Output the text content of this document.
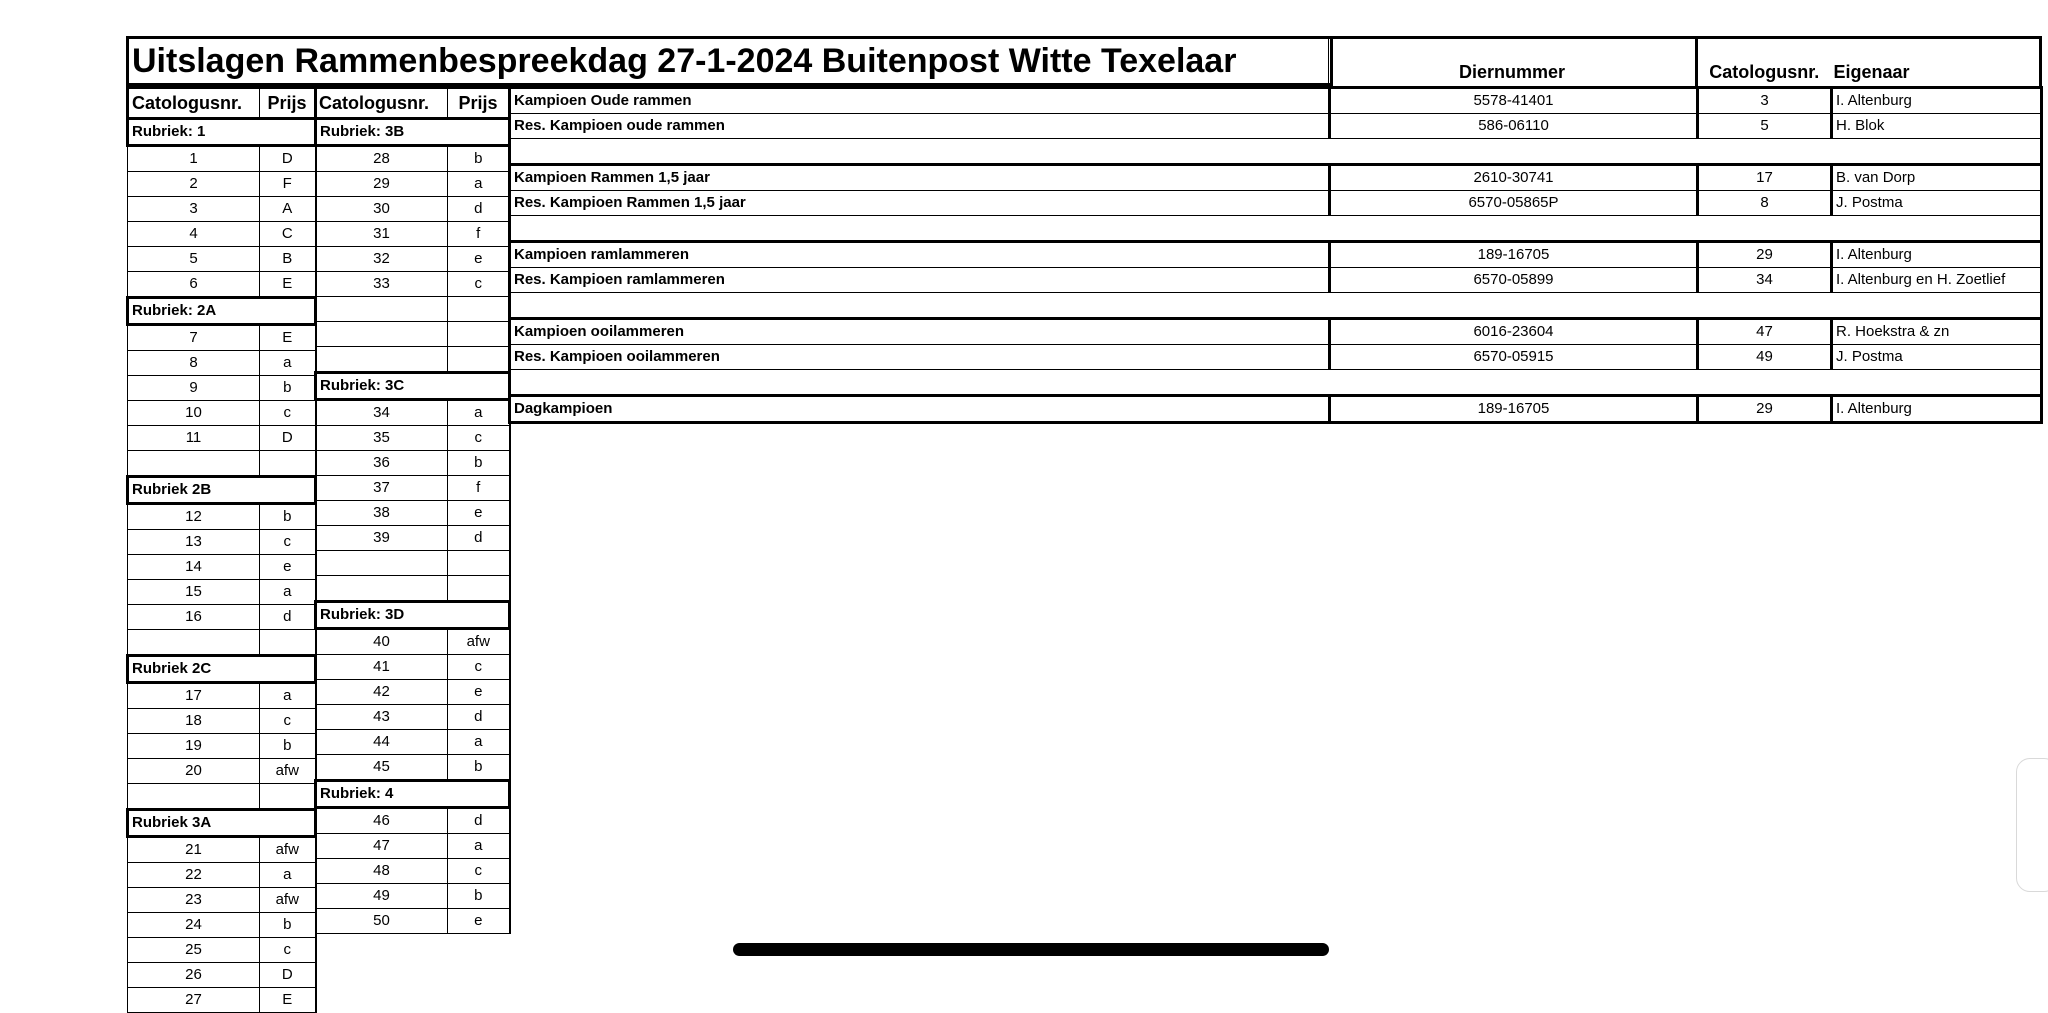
Uitslagen Rammenbespreekdag 27-1-2024 Buitenpost Witte Texelaar	Diernummer	Catologusnr.	Eigenaar
Catologusnr.	Prijs
Rubriek: 1	
1	D
2	F
3	A
4	C
5	B
6	E
Rubriek: 2A	
7	E
8	a
9	b
10	c
11	D

Rubriek 2B	
12	b
13	c
14	e
15	a
16	d

Rubriek 2C	
17	a
18	c
19	b
20	afw

Rubriek 3A	
21	afw
22	a
23	afw
24	b
25	c
26	D
27	E
Catologusnr.	Prijs
Rubriek: 3B	
28	b
29	a
30	d
31	f
32	e
33	c

Rubriek: 3C	
34	a
35	c
36	b
37	f
38	e
39	d

Rubriek: 3D	
40	afw
41	c
42	e
43	d
44	a
45	b
Rubriek: 4	
46	d
47	a
48	c
49	b
50	e
Kampioen Oude rammen	5578-41401	3	I. Altenburg
Res. Kampioen oude rammen	586-06110	5	H. Blok

Kampioen Rammen 1,5 jaar	2610-30741	17	B. van Dorp
Res. Kampioen Rammen 1,5 jaar	6570-05865P	8	J. Postma

Kampioen ramlammeren	189-16705	29	I. Altenburg
Res. Kampioen ramlammeren	6570-05899	34	I. Altenburg en H. Zoetlief

Kampioen ooilammeren	6016-23604	47	R. Hoekstra & zn
Res. Kampioen ooilammeren	6570-05915	49	J. Postma

Dagkampioen	189-16705	29	I. Altenburg
